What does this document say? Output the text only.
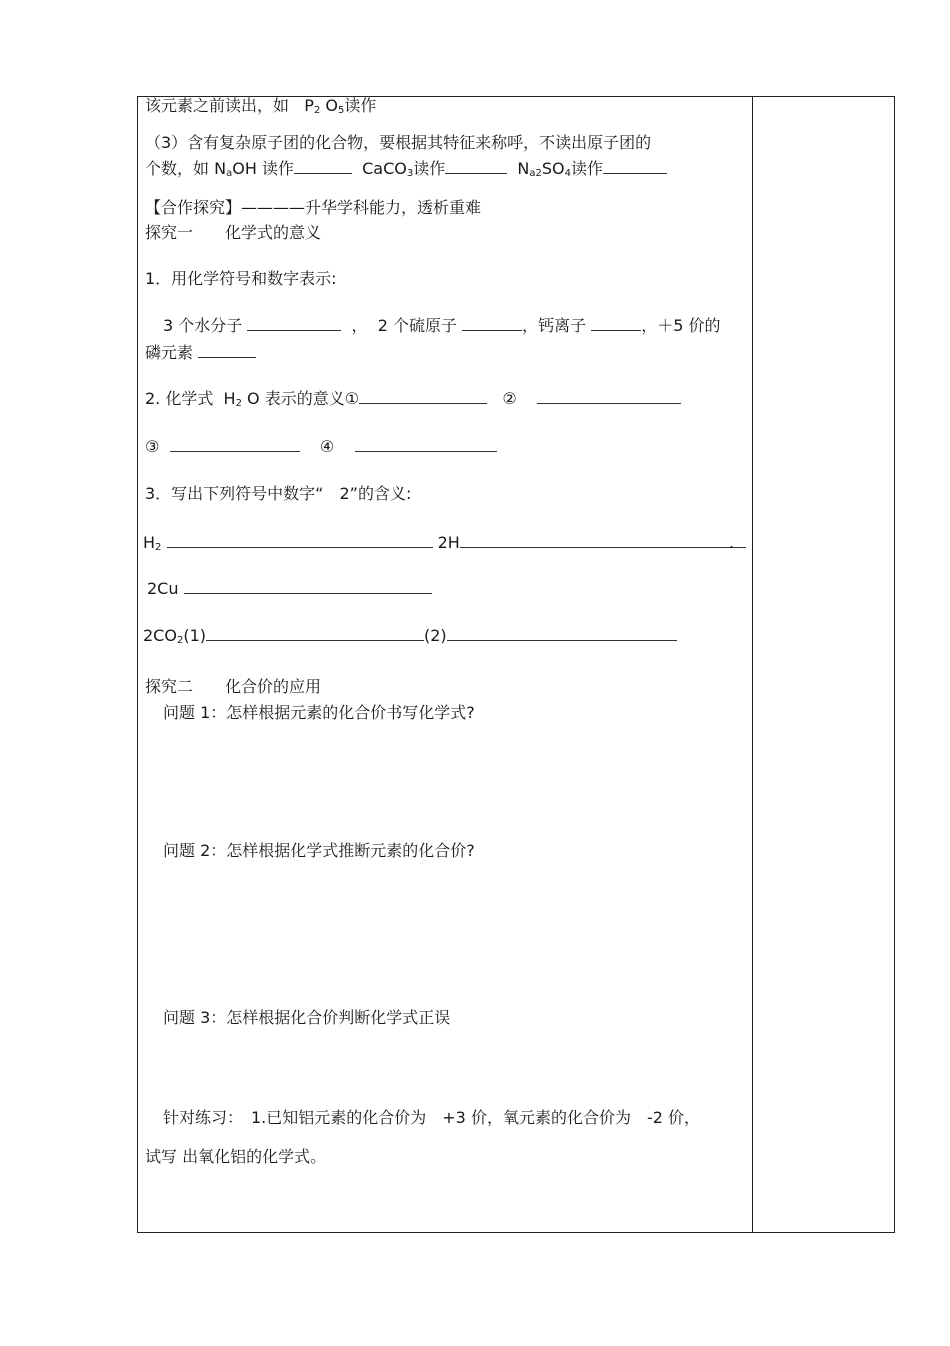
该元素之前读出，如 $P_2$ $O_5$读作
（3）含有复杂原子团的化合物，要根据其特征来称呼，不读出原子团的
个数，如 $N_aOH$ 读作	CaCO$_3$读作	$N_{a2}SO_4$读作
【合作探究】————升华学科能力，透析重难
探究一　　化学式的意义
1．用化学符号和数字表示:
3 个水分子	， 2 个硫原子	，钙离子	，＋5 价的
磷元素
2. 化学式 $H_2$ O 表示的意义①	②
③	④
3．写出下列符号中数字“　2”的含义:
$H_2$	2H	.
2Cu
$2CO_2(1)$	(2)
探究二　　化合价的应用
问题 1：怎样根据元素的化合价书写化学式?
问题 2：怎样根据化学式推断元素的化合价?
问题 3：怎样根据化合价判断化学式正误
针对练习：　1.已知铝元素的化合价为　+3 价，氧元素的化合价为　-2 价，
试写 出氧化铝的化学式。
